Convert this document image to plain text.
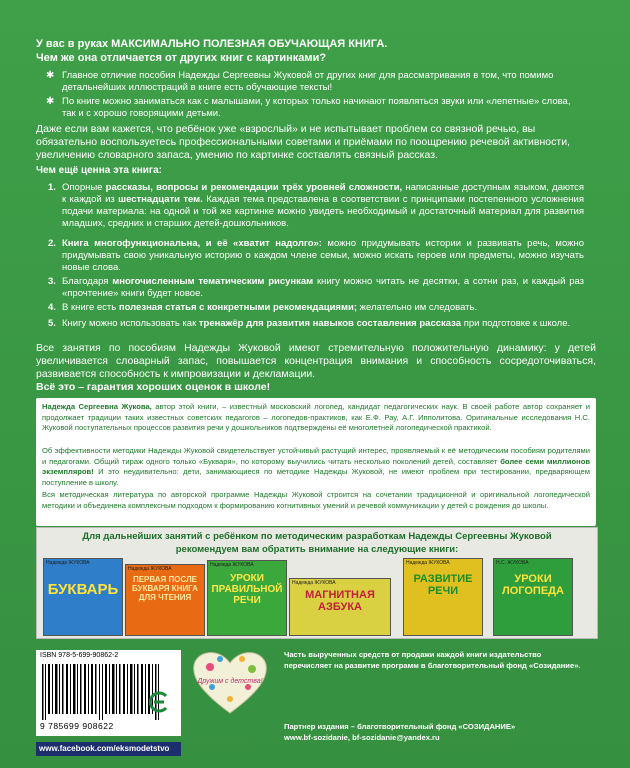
У вас в руках МАКСИМАЛЬНО ПОЛЕЗНАЯ ОБУЧАЮЩАЯ КНИГА.
Чем же она отличается от других книг с картинками?
✱ Главное отличие пособия Надежды Сергеевны Жуковой от других книг для рассматривания в том, что помимо детальнейших иллюстраций в книге есть обучающие тексты!
✱ По книге можно заниматься как с малышами, у которых только начинают появляться звуки или «лепетные» слова, так и с хорошо говорящими детьми.
Даже если вам кажется, что ребёнок уже «взрослый» и не испытывает проблем со связной речью, вы обязательно воспользуетесь профессиональными советами и приёмами по поощрению речевой активности, увеличению словарного запаса, умению по картинке составлять связный рассказ.
Чем ещё ценна эта книга:
1. Опорные рассказы, вопросы и рекомендации трёх уровней сложности, написанные доступным языком, даются к каждой из шестнадцати тем. Каждая тема представлена в соответствии с принципами постепенного усложнения подачи материала: на одной и той же картинке можно увидеть необходимый и достаточный материал для развития младших, средних и старших детей-дошкольников.
2. Книга многофункциональна, и её «хватит надолго»: можно придумывать истории и развивать речь, можно придумывать свою уникальную историю о каждом члене семьи, можно искать героев или предметы, можно изучать новые слова.
3. Благодаря многочисленным тематическим рисункам книгу можно читать не десятки, а сотни раз, и каждый раз «прочтение» книги будет новое.
4. В книге есть полезная статья с конкретными рекомендациями; желательно им следовать.
5. Книгу можно использовать как тренажёр для развития навыков составления рассказа при подготовке к школе.
Все занятия по пособиям Надежды Жуковой имеют стремительную положительную динамику: у детей увеличивается словарный запас, повышается концентрация внимания и способность сосредоточиваться, развивается способность к импровизации и декламации.
Всё это – гарантия хороших оценок в школе!
Надежда Сергеевна Жукова, автор этой книги, – известный московский логопед, кандидат педагогических наук. В своей работе автор сохраняет и продолжает традиции таких известных советских педагогов – логопедов-практиков, как Е.Ф. Рау, А.Г. Ипполитова. Оригинальные исследования Н.С. Жуковой поступательных процессов развития речи у дошкольников подтверждены её многолетней логопедической практикой.
Об эффективности методики Надежды Жуковой свидетельствует устойчивый растущий интерес, проявляемый к её методическим пособиям родителями и педагогами. Общий тираж одного только «Букваря», по которому выучились читать несколько поколений детей, составляет более семи миллионов экземпляров! И это неудивительно: дети, занимающиеся по методике Надежды Жуковой, не имеют проблем при тестировании, предваряющем поступление в школу.
Вся методическая литература по авторской программе Надежды Жуковой строится на сочетании традиционной и оригинальной логопедической методики и объединена комплексным подходом к формированию когнитивных умений и речевой коммуникации у детей с рождения до школы.
Для дальнейших занятий с ребёнком по методическим разработкам Надежды Сергеевны Жуковой
рекомендуем вам обратить внимание на следующие книги:
Надежда ЖУКОВА
БУКВАРЬ
Надежда ЖУКОВА
ПЕРВАЯ ПОСЛЕ БУКВАРЯ КНИГА ДЛЯ ЧТЕНИЯ
Надежда ЖУКОВА
УРОКИ ПРАВИЛЬНОЙ РЕЧИ
Надежда ЖУКОВА
МАГНИТНАЯ АЗБУКА
Надежда ЖУКОВА
РАЗВИТИЕ РЕЧИ
Н.С. ЖУКОВА
УРОКИ ЛОГОПЕДА
ISBN 978-5-699-90862-2
9 785699 908622
www.facebook.com/eksmodetstvo
Дружим с детства!
Часть вырученных средств от продажи каждой книги издательство перечисляет на развитие программ в благотворительный фонд «Созидание».
Партнер издания – благотворительный фонд «СОЗИДАНИЕ»
www.bf-sozidanie, bf-sozidanie@yandex.ru
